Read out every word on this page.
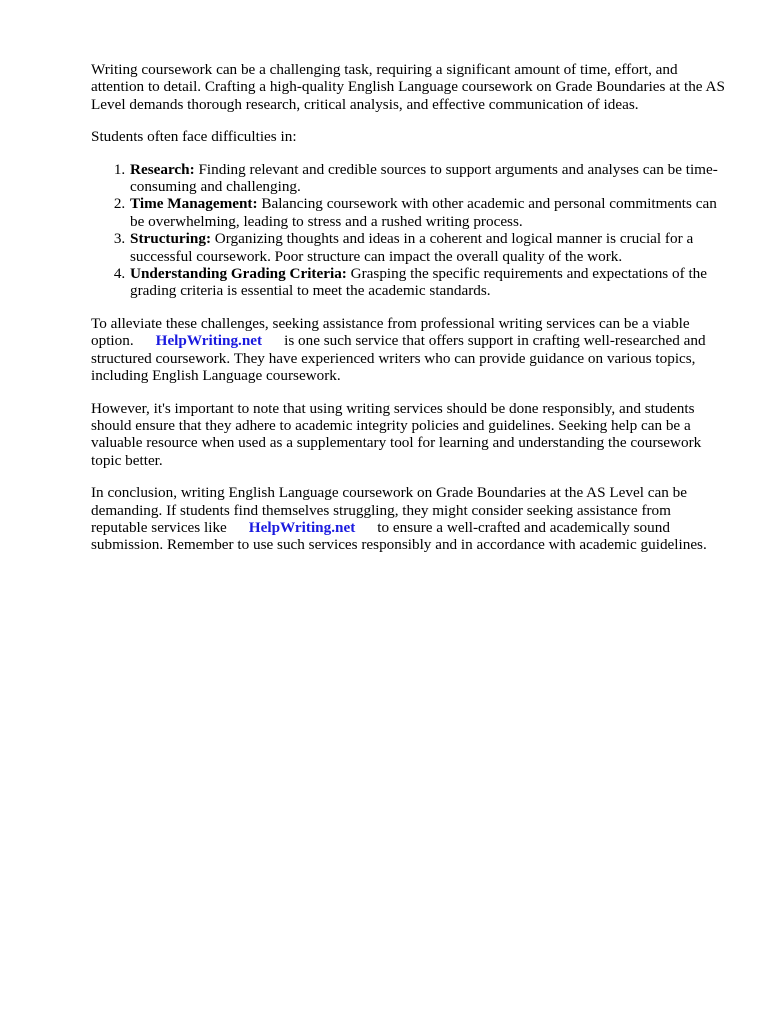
Writing coursework can be a challenging task, requiring a significant amount of time, effort, and attention to detail. Crafting a high-quality English Language coursework on Grade Boundaries at the AS Level demands thorough research, critical analysis, and effective communication of ideas.

Students often face difficulties in:

1. Research: Finding relevant and credible sources to support arguments and analyses can be time-consuming and challenging.
2. Time Management: Balancing coursework with other academic and personal commitments can be overwhelming, leading to stress and a rushed writing process.
3. Structuring: Organizing thoughts and ideas in a coherent and logical manner is crucial for a successful coursework. Poor structure can impact the overall quality of the work.
4. Understanding Grading Criteria: Grasping the specific requirements and expectations of the grading criteria is essential to meet the academic standards.

To alleviate these challenges, seeking assistance from professional writing services can be a viable option. HelpWriting.net is one such service that offers support in crafting well-researched and structured coursework. They have experienced writers who can provide guidance on various topics, including English Language coursework.

However, it's important to note that using writing services should be done responsibly, and students should ensure that they adhere to academic integrity policies and guidelines. Seeking help can be a valuable resource when used as a supplementary tool for learning and understanding the coursework topic better.

In conclusion, writing English Language coursework on Grade Boundaries at the AS Level can be demanding. If students find themselves struggling, they might consider seeking assistance from reputable services like HelpWriting.net to ensure a well-crafted and academically sound submission. Remember to use such services responsibly and in accordance with academic guidelines.
